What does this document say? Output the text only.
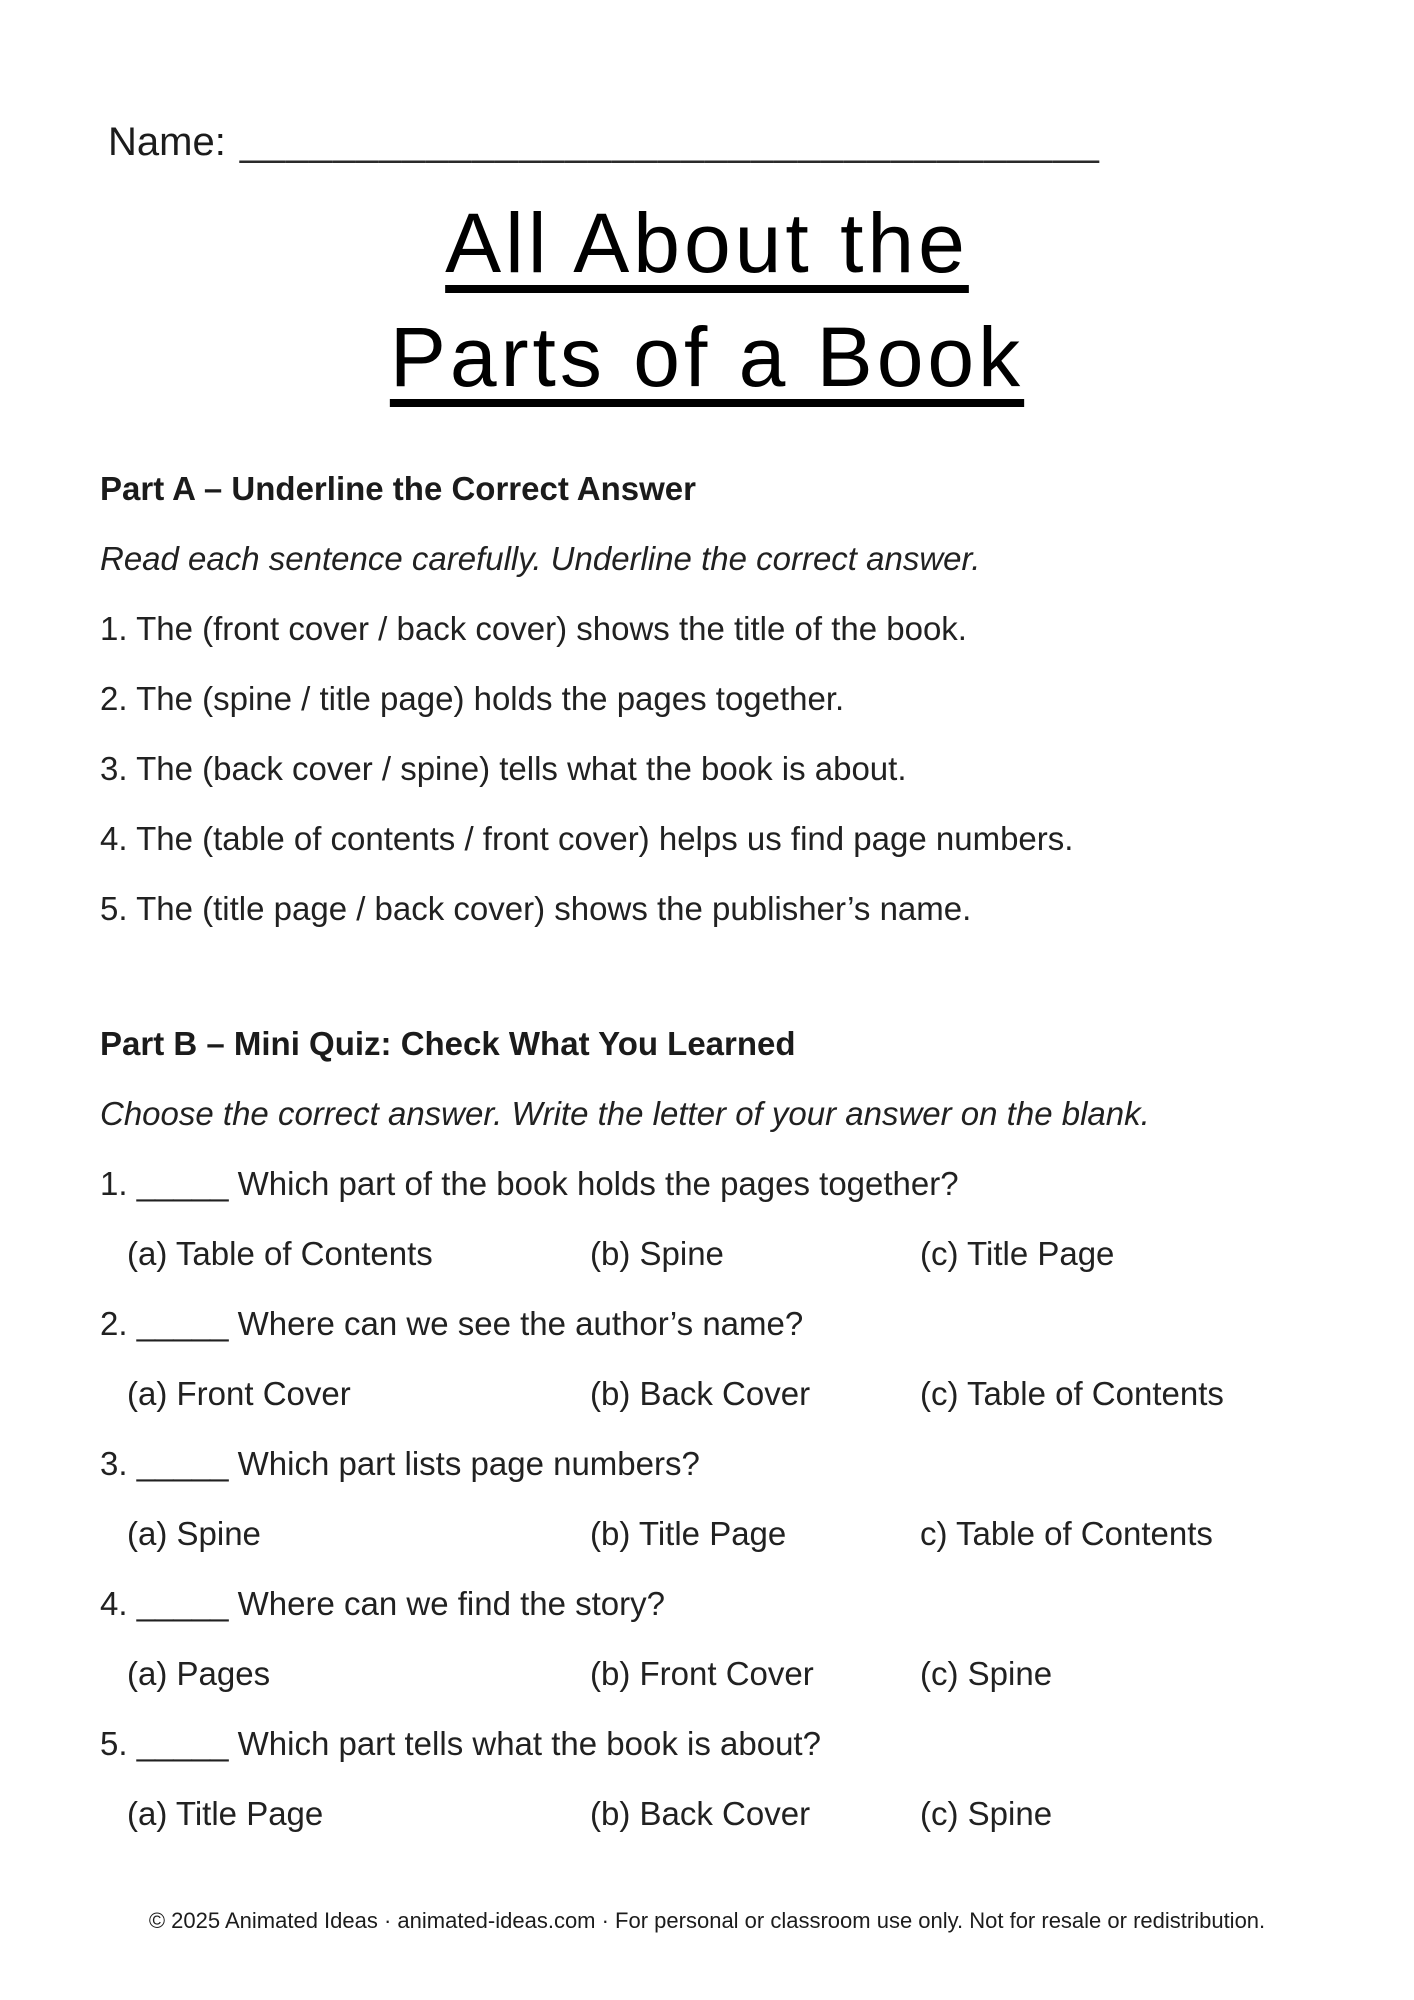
Name: _____________________________________
All About the
Parts of a Book
Part A – Underline the Correct Answer
Read each sentence carefully. Underline the correct answer.
1. The (front cover / back cover) shows the title of the book.
2. The (spine / title page) holds the pages together.
3. The (back cover / spine) tells what the book is about.
4. The (table of contents / front cover) helps us find page numbers.
5. The (title page / back cover) shows the publisher’s name.
Part B – Mini Quiz: Check What You Learned
Choose the correct answer. Write the letter of your answer on the blank.
1. _____ Which part of the book holds the pages together?
(a) Table of Contents	(b) Spine	(c) Title Page
2. _____ Where can we see the author’s name?
(a) Front Cover	(b) Back Cover	(c) Table of Contents
3. _____ Which part lists page numbers?
(a) Spine	(b) Title Page	c) Table of Contents
4. _____ Where can we find the story?
(a) Pages	(b) Front Cover	(c) Spine
5. _____ Which part tells what the book is about?
(a) Title Page	(b) Back Cover	(c) Spine
© 2025 Animated Ideas · animated-ideas.com · For personal or classroom use only. Not for resale or redistribution.
